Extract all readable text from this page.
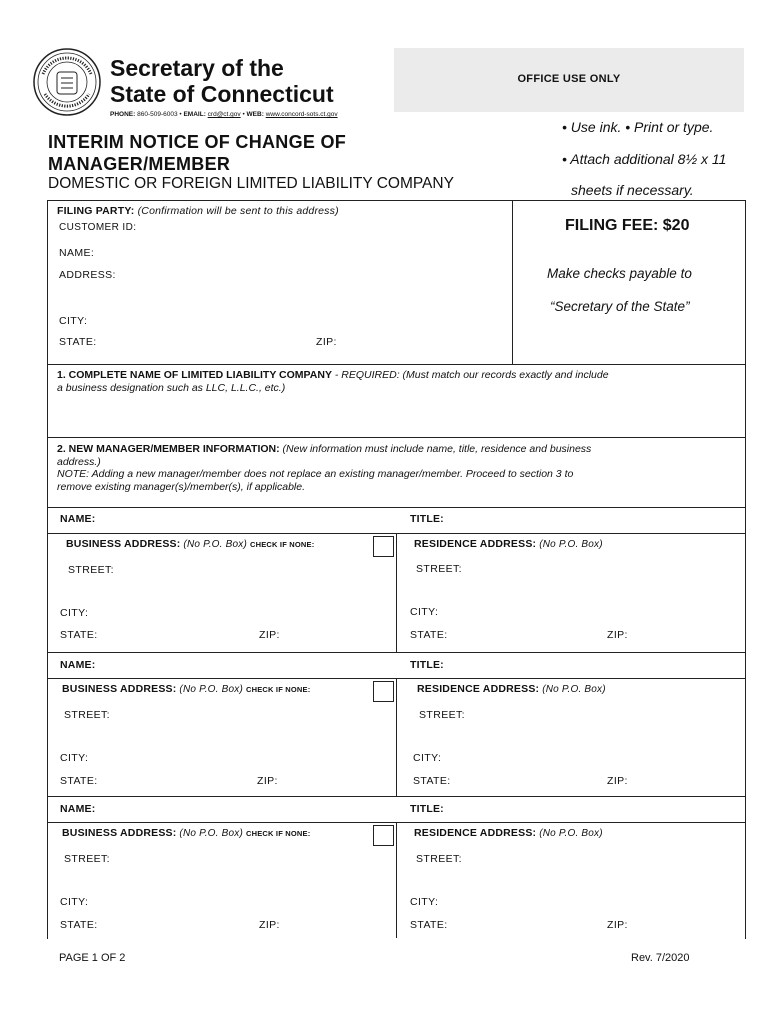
Secretary of the
State of Connecticut
PHONE: 860-509-6003 • EMAIL: crd@ct.gov • WEB: www.concord-sots.ct.gov
OFFICE USE ONLY
INTERIM NOTICE OF CHANGE OF
MANAGER/MEMBER
DOMESTIC OR FOREIGN LIMITED LIABILITY COMPANY
• Use ink. • Print or type.
• Attach additional 8½ x 11
sheets if necessary.
FILING PARTY: (Confirmation will be sent to this address)
CUSTOMER ID:
NAME:
ADDRESS:
CITY:
STATE:	ZIP:
FILING FEE: $20
Make checks payable to
“Secretary of the State”
1. COMPLETE NAME OF LIMITED LIABILITY COMPANY - REQUIRED: (Must match our records exactly and include
a business designation such as LLC, L.L.C., etc.)
2. NEW MANAGER/MEMBER INFORMATION: (New information must include name, title, residence and business
address.)
NOTE: Adding a new manager/member does not replace an existing manager/member. Proceed to section 3 to
remove existing manager(s)/member(s), if applicable.
NAME:	TITLE:
BUSINESS ADDRESS: (No P.O. Box) CHECK IF NONE:	RESIDENCE ADDRESS: (No P.O. Box)
STREET:	STREET:
CITY:	CITY:
STATE:	ZIP:	STATE:	ZIP:
NAME:	TITLE:
BUSINESS ADDRESS: (No P.O. Box) CHECK IF NONE:	RESIDENCE ADDRESS: (No P.O. Box)
STREET:	STREET:
CITY:	CITY:
STATE:	ZIP:	STATE:	ZIP:
NAME:	TITLE:
BUSINESS ADDRESS: (No P.O. Box) CHECK IF NONE:	RESIDENCE ADDRESS: (No P.O. Box)
STREET:	STREET:
CITY:	CITY:
STATE:	ZIP:	STATE:	ZIP:
PAGE 1 OF 2	Rev. 7/2020
